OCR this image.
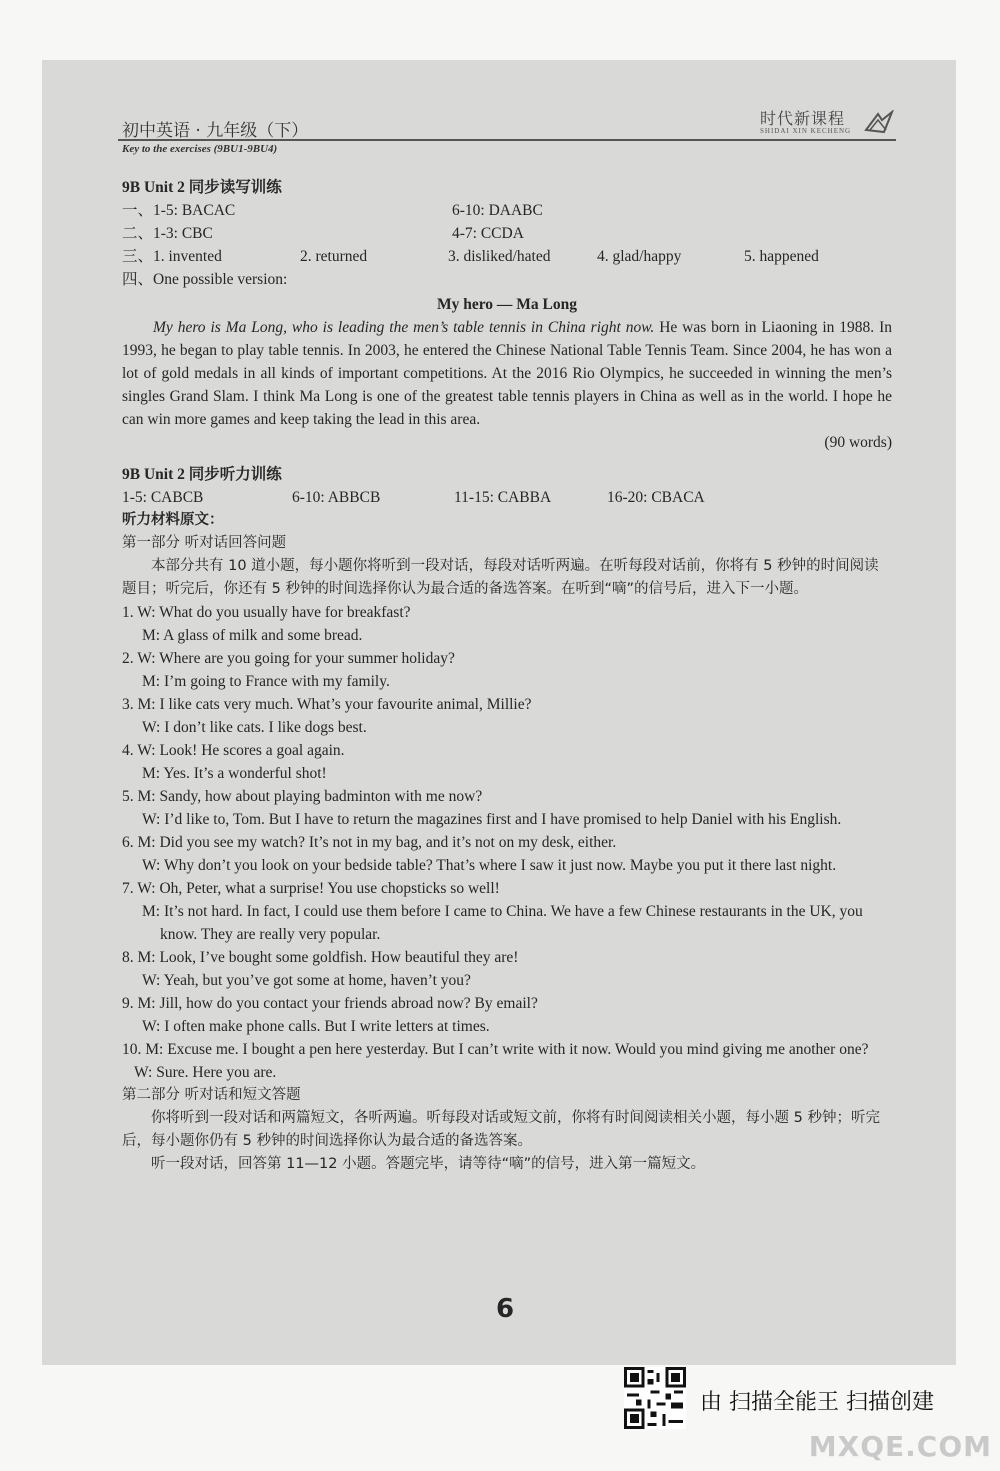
初中英语 · 九年级（下）
Key to the exercises (9BU1-9BU4)
时代新课程
SHIDAI XIN KECHENG
9B Unit 2 同步读写训练
一、1-5: BACAC	6-10: DAABC
二、1-3: CBC	4-7: CCDA
三、1. invented	2. returned	3. disliked/hated	4. glad/happy	5. happened
四、One possible version:
My hero — Ma Long
My hero is Ma Long, who is leading the men’s table tennis in China right now. He was born in Liaoning in 1988. In 1993, he began to play table tennis. In 2003, he entered the Chinese National Table Tennis Team. Since 2004, he has won a lot of gold medals in all kinds of important competitions. At the 2016 Rio Olympics, he succeeded in winning the men’s singles Grand Slam. I think Ma Long is one of the greatest table tennis players in China as well as in the world. I hope he can win more games and keep taking the lead in this area.
(90 words)
9B Unit 2 同步听力训练
1-5: CABCB	6-10: ABBCB	11-15: CABBA	16-20: CBACA
听力材料原文：
第一部分 听对话回答问题
本部分共有 10 道小题，每小题你将听到一段对话，每段对话听两遍。在听每段对话前，你将有 5 秒钟的时间阅读题目；听完后，你还有 5 秒钟的时间选择你认为最合适的备选答案。在听到“嘀”的信号后，进入下一小题。
1. W: What do you usually have for breakfast?
M: A glass of milk and some bread.
2. W: Where are you going for your summer holiday?
M: I’m going to France with my family.
3. M: I like cats very much. What’s your favourite animal, Millie?
W: I don’t like cats. I like dogs best.
4. W: Look! He scores a goal again.
M: Yes. It’s a wonderful shot!
5. M: Sandy, how about playing badminton with me now?
W: I’d like to, Tom. But I have to return the magazines first and I have promised to help Daniel with his English.
6. M: Did you see my watch? It’s not in my bag, and it’s not on my desk, either.
W: Why don’t you look on your bedside table? That’s where I saw it just now. Maybe you put it there last night.
7. W: Oh, Peter, what a surprise! You use chopsticks so well!
M: It’s not hard. In fact, I could use them before I came to China. We have a few Chinese restaurants in the UK, you know. They are really very popular.
8. M: Look, I’ve bought some goldfish. How beautiful they are!
W: Yeah, but you’ve got some at home, haven’t you?
9. M: Jill, how do you contact your friends abroad now? By email?
W: I often make phone calls. But I write letters at times.
10. M: Excuse me. I bought a pen here yesterday. But I can’t write with it now. Would you mind giving me another one?
W: Sure. Here you are.
第二部分 听对话和短文答题
你将听到一段对话和两篇短文，各听两遍。听每段对话或短文前，你将有时间阅读相关小题，每小题 5 秒钟；听完后，每小题你仍有 5 秒钟的时间选择你认为最合适的备选答案。
听一段对话，回答第 11—12 小题。答题完毕，请等待“嘀”的信号，进入第一篇短文。
6
由 扫描全能王 扫描创建
MXQE.COM
